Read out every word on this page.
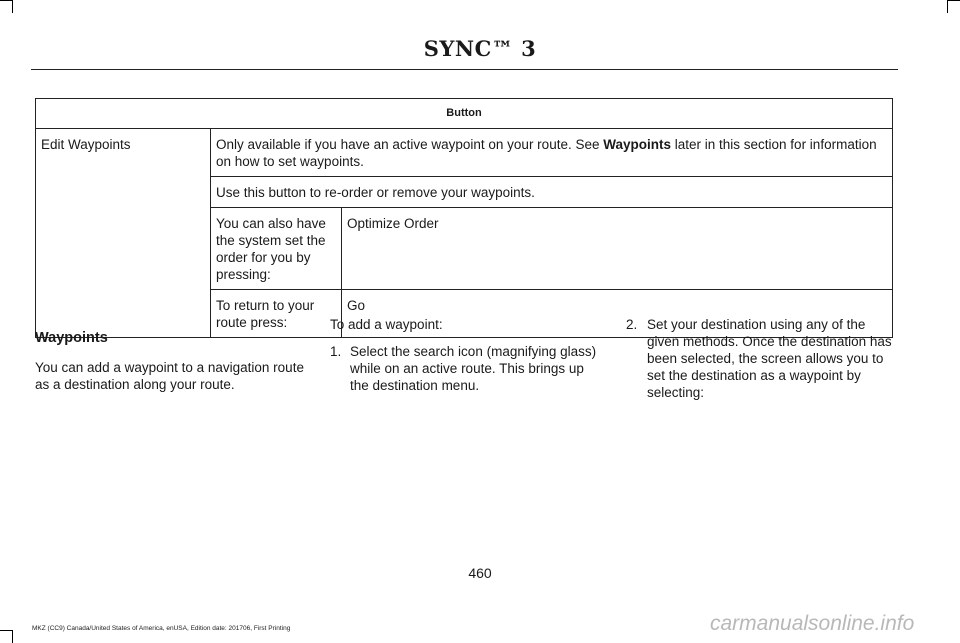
SYNC™ 3
Button		
Edit Waypoints	Only available if you have an active waypoint on your route. See Waypoints later in this section for information on how to set waypoints.	
	Use this button to re-order or remove your waypoints.	
	You can also have the system set the order for you by pressing:	Optimize Order
	To return to your route press:	Go
Waypoints

You can add a waypoint to a navigation route as a destination along your route.

To add a waypoint:

1. Select the search icon (magnifying glass) while on an active route. This brings up the destination menu.
2. Set your destination using any of the given methods. Once the destination has been selected, the screen allows you to set the destination as a waypoint by selecting:
460
MKZ (CC9) Canada/United States of America, enUSA, Edition date: 201706, First Printing	carmanualsonline.info
